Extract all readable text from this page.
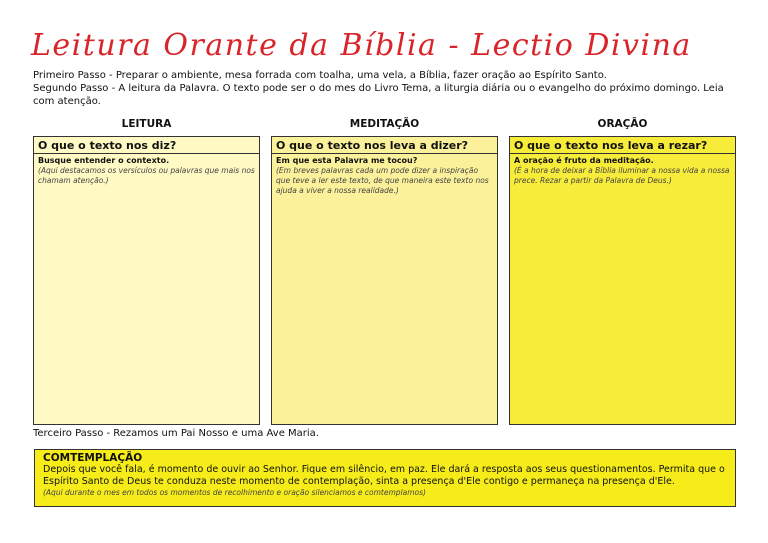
Leitura Orante da Bíblia - Lectio Divina
Primeiro Passo - Preparar o ambiente, mesa forrada com toalha, uma vela, a Bíblia, fazer oração ao Espírito Santo.
Segundo Passo - A leitura da Palavra. O texto pode ser o do mes do Livro Tema, a liturgia diária ou o evangelho do próximo domingo. Leia com atenção.
LEITURA	MEDITAÇÃO	ORAÇÃO
O que o texto nos diz?
Busque entender o contexto.
(Aqui destacamos os versículos ou palavras que mais nos chamam atenção.)
O que o texto nos leva a dizer?
Em que esta Palavra me tocou?
(Em breves palavras cada um pode dizer a inspiração que teve a ler este texto, de que maneira este texto nos ajuda a viver a nossa realidade.)
O que o texto nos leva a rezar?
A oração é fruto da meditação.
(É a hora de deixar a Bíblia iluminar a nossa vida a nossa prece. Rezar a partir da Palavra de Deus.)
Terceiro Passo - Rezamos um Pai Nosso e uma Ave Maria.
COMTEMPLAÇÃO

Depois que você fala, é momento de ouvir ao Senhor. Fique em silêncio, em paz. Ele dará a resposta aos seus questionamentos. Permita que o Espírito Santo de Deus te conduza neste momento de contemplação, sinta a presença d'Ele contigo e permaneça na presença d'Ele.

(Aqui durante o mes em todos os momentos de recolhimento e oração silenciamos e comtemplamos)
